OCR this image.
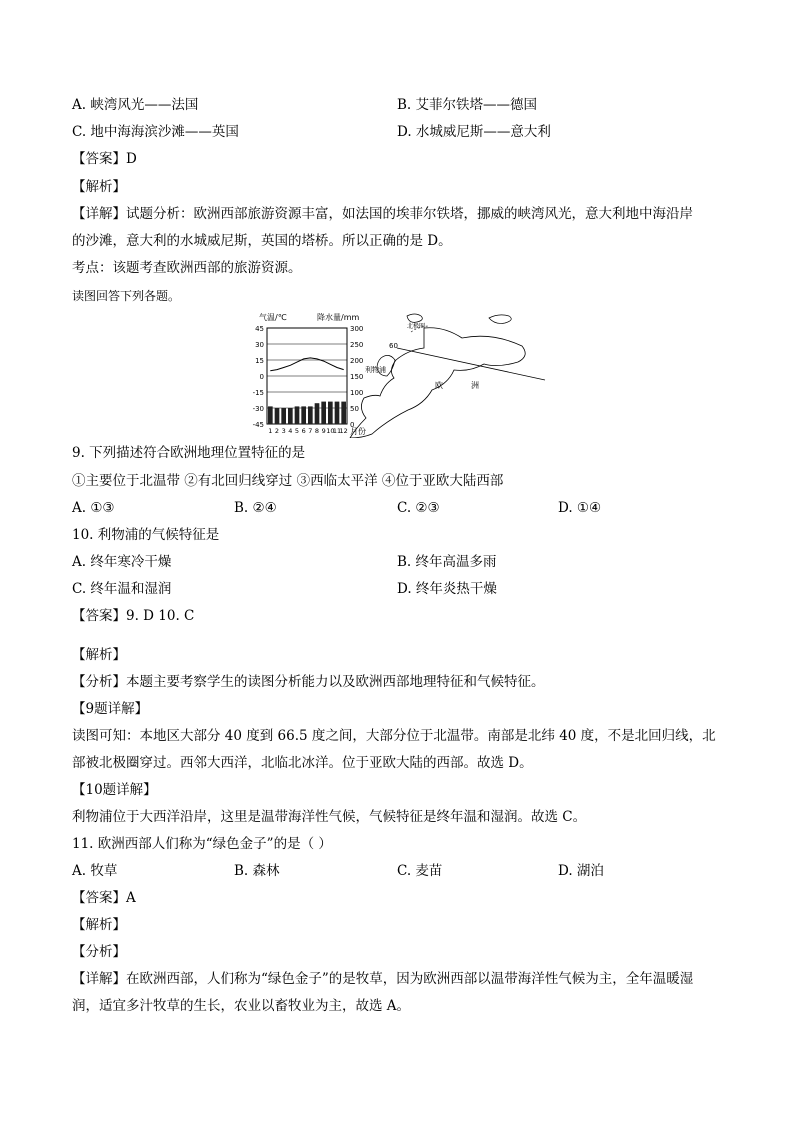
A. 峡湾风光——法国	B. 艾菲尔铁塔——德国
C. 地中海海滨沙滩——英国	D. 水城威尼斯——意大利
【答案】D
【解析】
【详解】试题分析：欧洲西部旅游资源丰富，如法国的埃菲尔铁塔，挪威的峡湾风光，意大利地中海沿岸
的沙滩，意大利的水城威尼斯，英国的塔桥。所以正确的是 D。
考点：该题考查欧洲西部的旅游资源。
读图回答下列各题。
气温/℃	降水量/mm
45
30
15
0
-15
-30
-45
300
250
200
150
100
50
0
1 2 3 4 5 6 7 8 9 10
11
12 月份
北极圈
60
利物浦
欧	洲
9. 下列描述符合欧洲地理位置特征的是
①主要位于北温带 ②有北回归线穿过 ③西临太平洋 ④位于亚欧大陆西部
A. ①③	B. ②④	C. ②③	D. ①④
10. 利物浦的气候特征是
A. 终年寒冷干燥	B. 终年高温多雨
C. 终年温和湿润	D. 终年炎热干燥
【答案】9. D 10. C
【解析】
【分析】本题主要考察学生的读图分析能力以及欧洲西部地理特征和气候特征。
【9题详解】
读图可知：本地区大部分 40 度到 66.5 度之间，大部分位于北温带。南部是北纬 40 度，不是北回归线，北
部被北极圈穿过。西邻大西洋，北临北冰洋。位于亚欧大陆的西部。故选 D。
【10题详解】
利物浦位于大西洋沿岸，这里是温带海洋性气候，气候特征是终年温和湿润。故选 C。
11. 欧洲西部人们称为“绿色金子”的是（ ）
A. 牧草	B. 森林	C. 麦苗	D. 湖泊
【答案】A
【解析】
【分析】
【详解】在欧洲西部，人们称为“绿色金子”的是牧草，因为欧洲西部以温带海洋性气候为主，全年温暖湿
润，适宜多汁牧草的生长，农业以畜牧业为主，故选 A。
